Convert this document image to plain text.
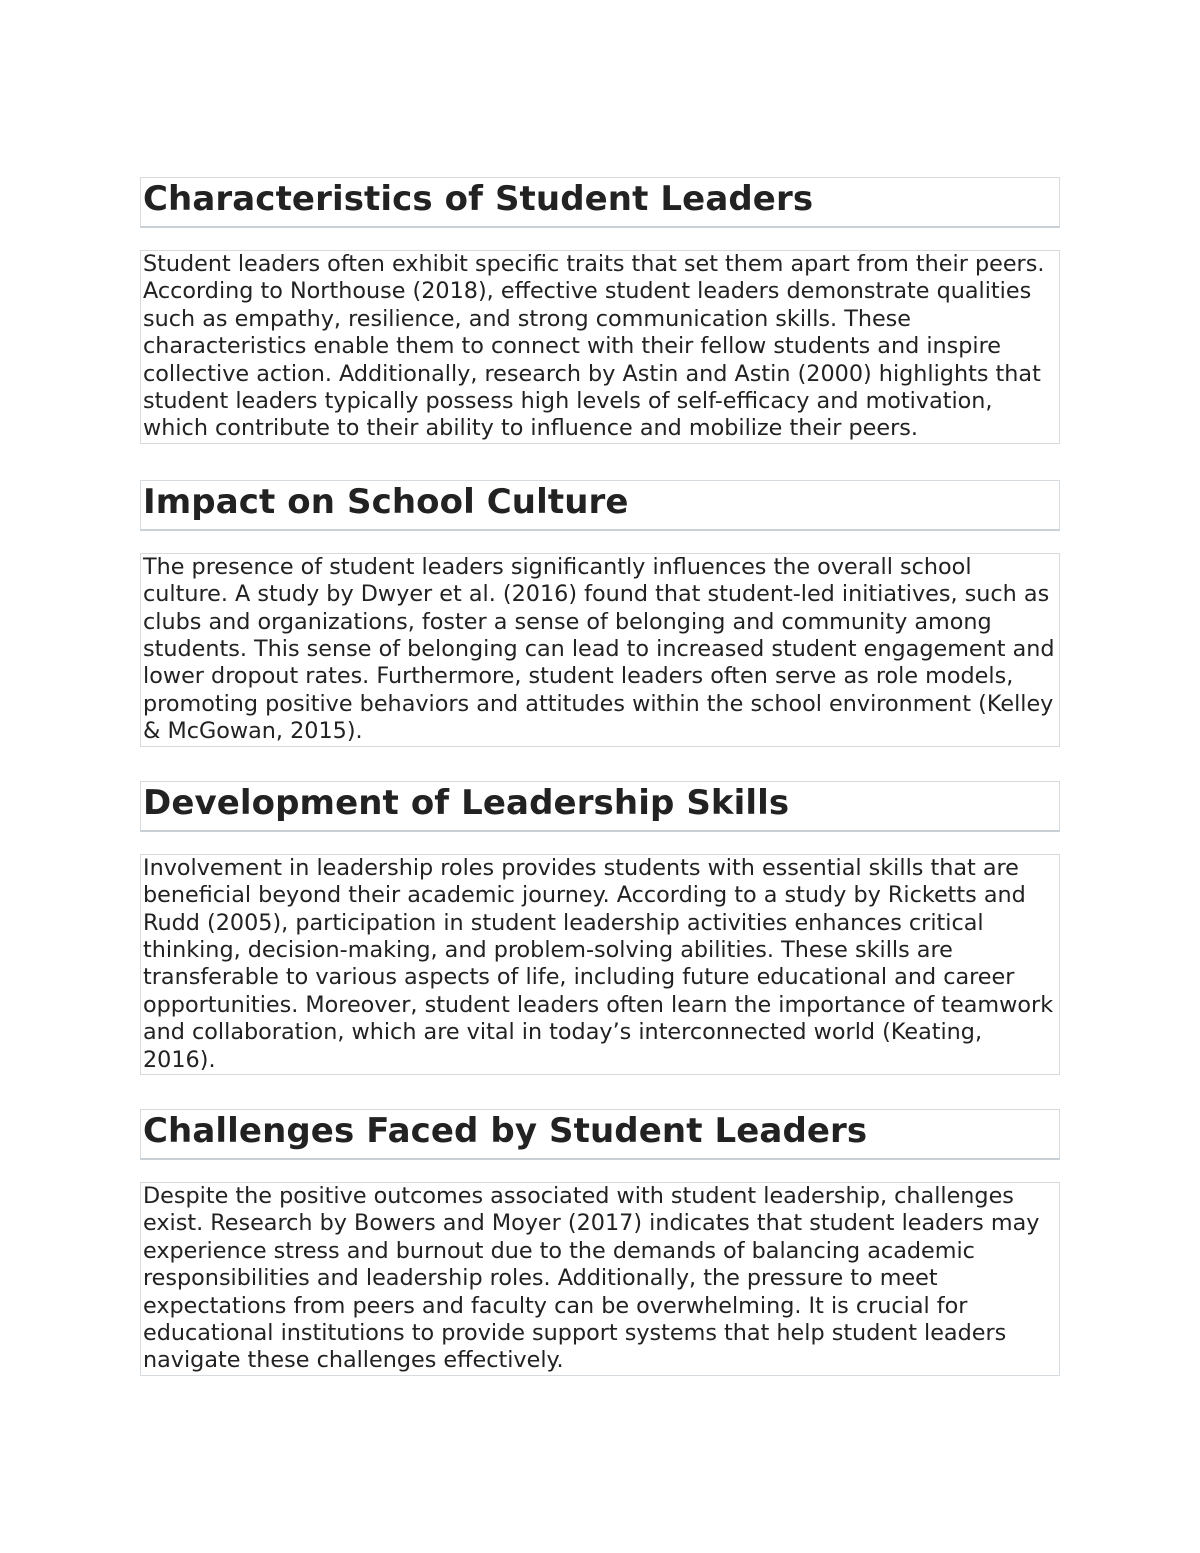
Characteristics of Student Leaders

Student leaders often exhibit specific traits that set them apart from their peers. According to Northouse (2018), effective student leaders demonstrate qualities such as empathy, resilience, and strong communication skills. These characteristics enable them to connect with their fellow students and inspire collective action. Additionally, research by Astin and Astin (2000) highlights that student leaders typically possess high levels of self-efficacy and motivation, which contribute to their ability to influence and mobilize their peers.

Impact on School Culture

The presence of student leaders significantly influences the overall school culture. A study by Dwyer et al. (2016) found that student-led initiatives, such as clubs and organizations, foster a sense of belonging and community among students. This sense of belonging can lead to increased student engagement and lower dropout rates. Furthermore, student leaders often serve as role models, promoting positive behaviors and attitudes within the school environment (Kelley & McGowan, 2015).

Development of Leadership Skills

Involvement in leadership roles provides students with essential skills that are beneficial beyond their academic journey. According to a study by Ricketts and Rudd (2005), participation in student leadership activities enhances critical thinking, decision-making, and problem-solving abilities. These skills are transferable to various aspects of life, including future educational and career opportunities. Moreover, student leaders often learn the importance of teamwork and collaboration, which are vital in today’s interconnected world (Keating, 2016).

Challenges Faced by Student Leaders

Despite the positive outcomes associated with student leadership, challenges exist. Research by Bowers and Moyer (2017) indicates that student leaders may experience stress and burnout due to the demands of balancing academic responsibilities and leadership roles. Additionally, the pressure to meet expectations from peers and faculty can be overwhelming. It is crucial for educational institutions to provide support systems that help student leaders navigate these challenges effectively.
